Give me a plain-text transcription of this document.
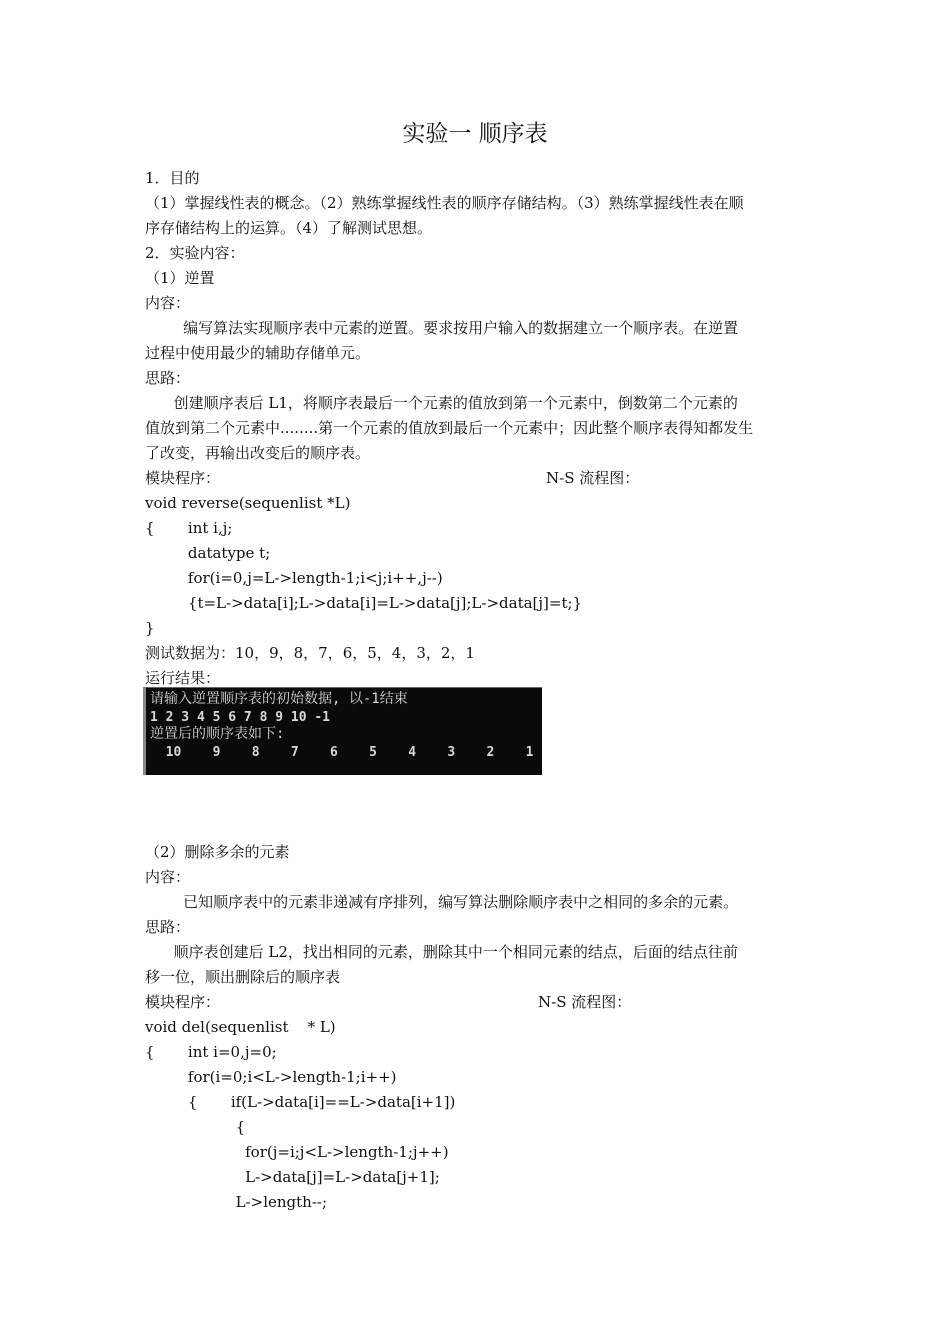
实验一 顺序表
1．目的
（1）掌握线性表的概念。（2）熟练掌握线性表的顺序存储结构。（3）熟练掌握线性表在顺
序存储结构上的运算。（4）了解测试思想。
2．实验内容：
（1）逆置
内容：
编写算法实现顺序表中元素的逆置。要求按用户输入的数据建立一个顺序表。在逆置
过程中使用最少的辅助存储单元。
思路：
创建顺序表后 L1，将顺序表最后一个元素的值放到第一个元素中，倒数第二个元素的
值放到第二个元素中........第一个元素的值放到最后一个元素中；因此整个顺序表得知都发生
了改变，再输出改变后的顺序表。
模块程序：	N-S 流程图：
void reverse(sequenlist *L)
{       int i,j;
datatype t;
for(i=0,j=L->length-1;i<j;i++,j--)
{t=L->data[i];L->data[i]=L->data[j];L->data[j]=t;}
}
测试数据为：10，9，8，7，6，5，4，3，2，1
运行结果：
请输入逆置顺序表的初始数据, 以-1结束
1 2 3 4 5 6 7 8 9 10 -1
逆置后的顺序表如下:
10    9    8    7    6    5    4    3    2    1
（2）删除多余的元素
内容：
已知顺序表中的元素非递减有序排列，编写算法删除顺序表中之相同的多余的元素。
思路：
顺序表创建后 L2，找出相同的元素，删除其中一个相同元素的结点，后面的结点往前
移一位，顺出删除后的顺序表
模块程序：	N-S 流程图：
void del(sequenlist    * L)
{       int i=0,j=0;
for(i=0;i<L->length-1;i++)
{       if(L->data[i]==L->data[i+1])
{
for(j=i;j<L->length-1;j++)
L->data[j]=L->data[j+1];
L->length--;
